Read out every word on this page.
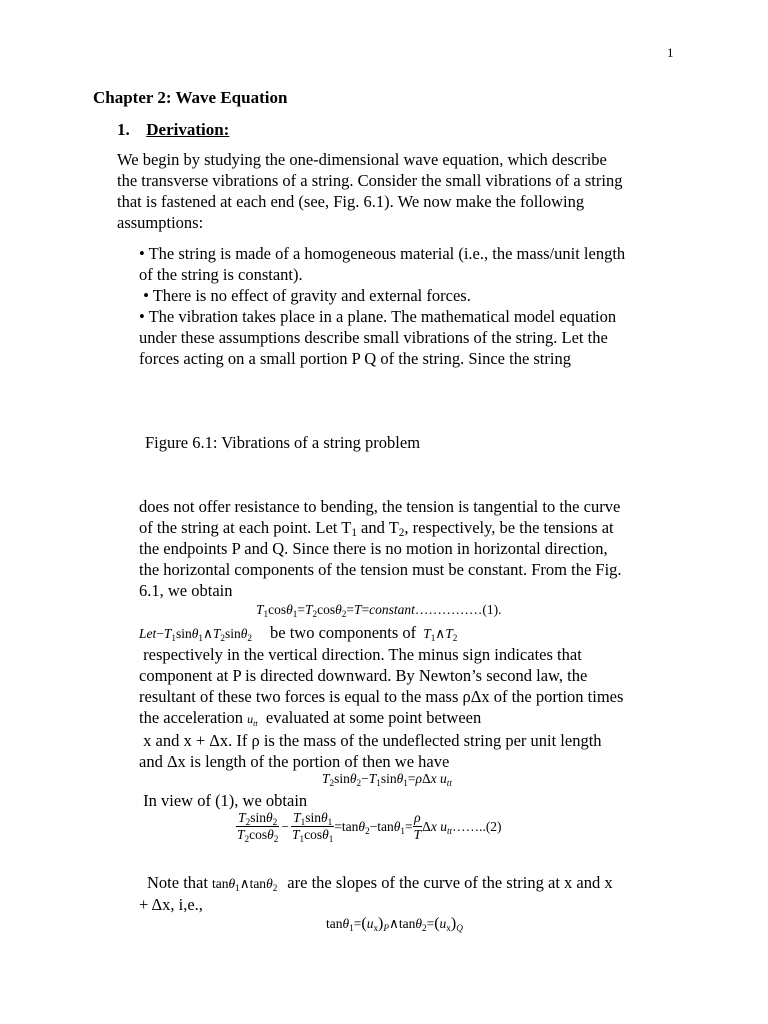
1
Chapter 2: Wave Equation
1. Derivation:
We begin by studying the one-dimensional wave equation, which describe
the transverse vibrations of a string. Consider the small vibrations of a string
that is fastened at each end (see, Fig. 6.1). We now make the following
assumptions:
• The string is made of a homogeneous material (i.e., the mass/unit length
of the string is constant).
• There is no effect of gravity and external forces.
• The vibration takes place in a plane. The mathematical model equation
under these assumptions describe small vibrations of the string. Let the
forces acting on a small portion P Q of the string. Since the string
Figure 6.1: Vibrations of a string problem
does not offer resistance to bending, the tension is tangential to the curve
of the string at each point. Let $T_1$ and $T_2$, respectively, be the tensions at
the endpoints P and Q. Since there is no motion in horizontal direction,
the horizontal components of the tension must be constant. From the Fig.
6.1, we obtain
$T_1\cos\theta_1=T_2\cos\theta_2=T=constant\dots\dots\dots\dots\dots(1)$.
$Let-T_1\sin\theta_1\wedge T_2\sin\theta_2$ be two components of $T_1\wedge T_2$
respectively in the vertical direction. The minus sign indicates that
component at P is directed downward. By Newton’s second law, the
resultant of these two forces is equal to the mass ρΔx of the portion times
the acceleration $u_{tt}$ evaluated at some point between
x and x + Δx. If ρ is the mass of the undeflected string per unit length
and Δx is length of the portion of then we have
$T_2\sin\theta_2-T_1\sin\theta_1=\rho\Delta x$ $u_{tt}$
In view of (1), we obtain
$\frac{T_2\sin\theta_2}{T_2\cos\theta_2} - \frac{T_1\sin\theta_1}{T_1\cos\theta_1} =\tan\theta_2-\tan\theta_1= \frac{\rho}{T}$ Δx $u_{tt}\dots\dots..(2)$
Note that tanθ$_1$∧tanθ$_2$ are the slopes of the curve of the string at x and x
+ Δx, i,e.,
$\tan\theta_1=(u_x)_P\wedge\tan\theta_2=(u_x)_Q$
